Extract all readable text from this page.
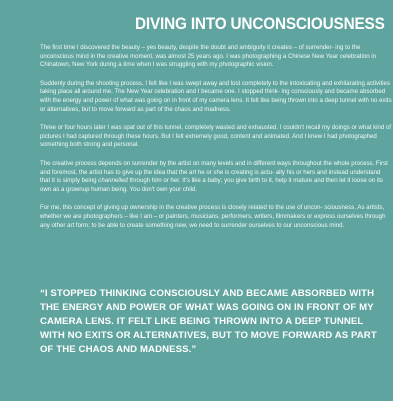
DIVING INTO UNCONSCIOUSNESS

The first time I discovered the beauty – yes beauty, despite the doubt and ambiguity it creates – of surrender- ing to the unconscious mind in the creative moment, was almost 25 years ago. I was photographing a Chinese New Year celebration in Chinatown, New York during a time when I was struggling with my photographic vision.

Suddenly during the shooting process, I felt like I was swept away and lost completely to the intoxicating and exhilarating activities taking place all around me. The New Year celebration and I became one. I stopped think- ing consciously and became absorbed with the energy and power of what was going on in front of my camera lens. It felt like being thrown into a deep tunnel with no exits or alternatives, but to move forward as part of the chaos and madness.

Three or four hours later I was spat out of this tunnel, completely wasted and exhausted. I couldn't recall my doings or what kind of pictures I had captured through these hours. But I felt extremely good, content and animated. And I knew I had photographed something both strong and personal.

The creative process depends on surrender by the artist on many levels and in different ways throughout the whole process. First and foremost, the artist has to give up the idea that the art he or she is creating is actu- ally his or hers and instead understand that it is simply being channelled through him or her. It's like a baby; you give birth to it, help it mature and then let it loose on its own as a grownup human being. You don't own your child.

For me, this concept of giving up ownership in the creative process is closely related to the use of uncon- sciousness. As artists, whether we are photographers – like I am – or painters, musicians, performers, writers, filmmakers or express ourselves through any other art form; to be able to create something new, we need to surrender ourselves to our unconscious mind.

“I STOPPED THINKING CONSCIOUSLY AND BECAME ABSORBED WITH
THE ENERGY AND POWER OF WHAT WAS GOING ON IN FRONT OF MY
CAMERA LENS. IT FELT LIKE BEING THROWN INTO A DEEP TUNNEL
WITH NO EXITS OR ALTERNATIVES, BUT TO MOVE FORWARD AS PART
OF THE CHAOS AND MADNESS.”
